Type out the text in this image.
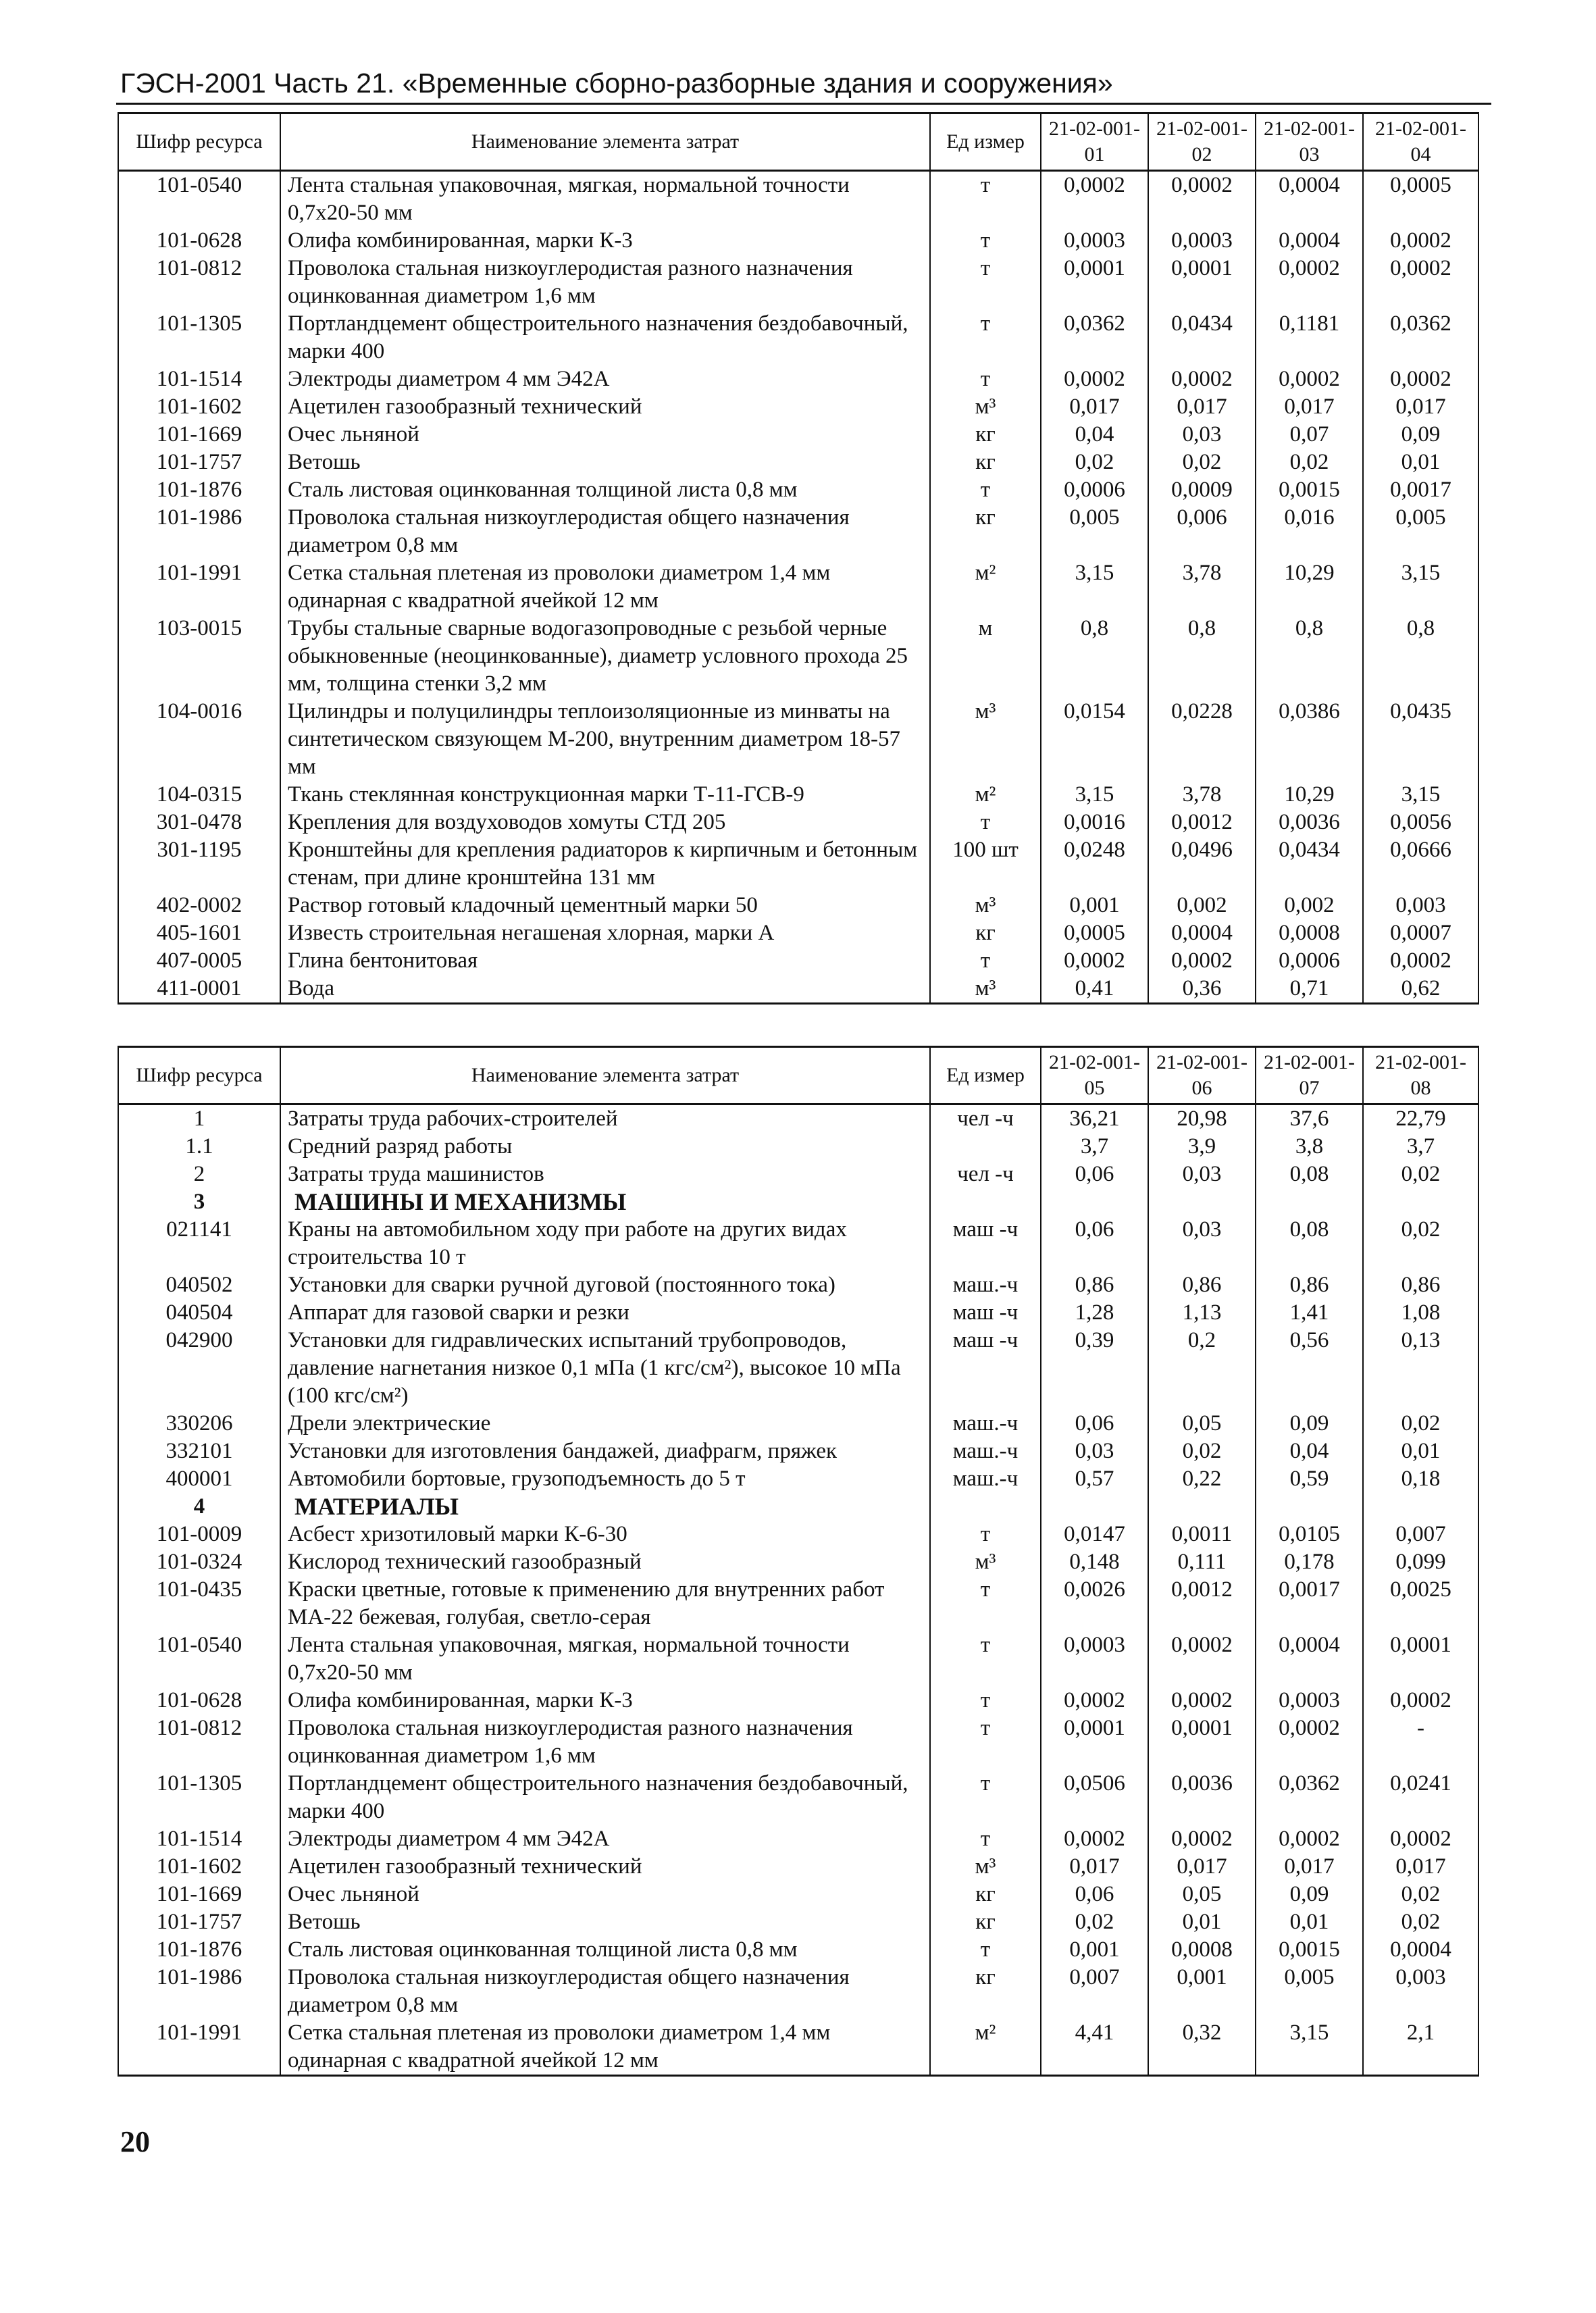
ГЭСН-2001 Часть 21. «Временные сборно-разборные здания и сооружения»
Шифр ресурса	Наименование элемента затрат	Ед измер	21-02-001-01	21-02-001-02	21-02-001-03	21-02-001-04
101-0540	Лента стальная упаковочная, мягкая, нормальной точности 0,7х20-50 мм	т	0,0002	0,0002	0,0004	0,0005
101-0628	Олифа комбинированная, марки К-3	т	0,0003	0,0003	0,0004	0,0002
101-0812	Проволока стальная низкоуглеродистая разного назначения оцинкованная диаметром 1,6 мм	т	0,0001	0,0001	0,0002	0,0002
101-1305	Портландцемент общестроительного назначения бездобавочный, марки 400	т	0,0362	0,0434	0,1181	0,0362
101-1514	Электроды диаметром 4 мм Э42А	т	0,0002	0,0002	0,0002	0,0002
101-1602	Ацетилен газообразный технический	м³	0,017	0,017	0,017	0,017
101-1669	Очес льняной	кг	0,04	0,03	0,07	0,09
101-1757	Ветошь	кг	0,02	0,02	0,02	0,01
101-1876	Сталь листовая оцинкованная толщиной листа 0,8 мм	т	0,0006	0,0009	0,0015	0,0017
101-1986	Проволока стальная низкоуглеродистая общего назначения диаметром 0,8 мм	кг	0,005	0,006	0,016	0,005
101-1991	Сетка стальная плетеная из проволоки диаметром 1,4 мм одинарная с квадратной ячейкой 12 мм	м²	3,15	3,78	10,29	3,15
103-0015	Трубы стальные сварные водогазопроводные с резьбой черные обыкновенные (неоцинкованные), диаметр условного прохода 25 мм, толщина стенки 3,2 мм	м	0,8	0,8	0,8	0,8
104-0016	Цилиндры и полуцилиндры теплоизоляционные из минваты на синтетическом связующем М-200, внутренним диаметром 18-57 мм	м³	0,0154	0,0228	0,0386	0,0435
104-0315	Ткань стеклянная конструкционная марки Т-11-ГСВ-9	м²	3,15	3,78	10,29	3,15
301-0478	Крепления для воздуховодов хомуты СТД 205	т	0,0016	0,0012	0,0036	0,0056
301-1195	Кронштейны для крепления радиаторов к кирпичным и бетонным стенам, при длине кронштейна 131 мм	100 шт	0,0248	0,0496	0,0434	0,0666
402-0002	Раствор готовый кладочный цементный марки 50	м³	0,001	0,002	0,002	0,003
405-1601	Известь строительная негашеная хлорная, марки А	кг	0,0005	0,0004	0,0008	0,0007
407-0005	Глина бентонитовая	т	0,0002	0,0002	0,0006	0,0002
411-0001	Вода	м³	0,41	0,36	0,71	0,62
Шифр ресурса	Наименование элемента затрат	Ед измер	21-02-001-05	21-02-001-06	21-02-001-07	21-02-001-08
1	Затраты труда рабочих-строителей	чел -ч	36,21	20,98	37,6	22,79
1.1	Средний разряд работы		3,7	3,9	3,8	3,7
2	Затраты труда машинистов	чел -ч	0,06	0,03	0,08	0,02
3	МАШИНЫ И МЕХАНИЗМЫ					
021141	Краны на автомобильном ходу при работе на других видах строительства 10 т	маш -ч	0,06	0,03	0,08	0,02
040502	Установки для сварки ручной дуговой (постоянного тока)	маш.-ч	0,86	0,86	0,86	0,86
040504	Аппарат для газовой сварки и резки	маш -ч	1,28	1,13	1,41	1,08
042900	Установки для гидравлических испытаний трубопроводов, давление нагнетания низкое 0,1 мПа (1 кгс/см²), высокое 10 мПа (100 кгс/см²)	маш -ч	0,39	0,2	0,56	0,13
330206	Дрели электрические	маш.-ч	0,06	0,05	0,09	0,02
332101	Установки для изготовления бандажей, диафрагм, пряжек	маш.-ч	0,03	0,02	0,04	0,01
400001	Автомобили бортовые, грузоподъемность до 5 т	маш.-ч	0,57	0,22	0,59	0,18
4	МАТЕРИАЛЫ					
101-0009	Асбест хризотиловый марки К-6-30	т	0,0147	0,0011	0,0105	0,007
101-0324	Кислород технический газообразный	м³	0,148	0,111	0,178	0,099
101-0435	Краски цветные, готовые к применению для внутренних работ МА-22 бежевая, голубая, светло-серая	т	0,0026	0,0012	0,0017	0,0025
101-0540	Лента стальная упаковочная, мягкая, нормальной точности 0,7х20-50 мм	т	0,0003	0,0002	0,0004	0,0001
101-0628	Олифа комбинированная, марки К-3	т	0,0002	0,0002	0,0003	0,0002
101-0812	Проволока стальная низкоуглеродистая разного назначения оцинкованная диаметром 1,6 мм	т	0,0001	0,0001	0,0002	-
101-1305	Портландцемент общестроительного назначения бездобавочный, марки 400	т	0,0506	0,0036	0,0362	0,0241
101-1514	Электроды диаметром 4 мм Э42А	т	0,0002	0,0002	0,0002	0,0002
101-1602	Ацетилен газообразный технический	м³	0,017	0,017	0,017	0,017
101-1669	Очес льняной	кг	0,06	0,05	0,09	0,02
101-1757	Ветошь	кг	0,02	0,01	0,01	0,02
101-1876	Сталь листовая оцинкованная толщиной листа 0,8 мм	т	0,001	0,0008	0,0015	0,0004
101-1986	Проволока стальная низкоуглеродистая общего назначения диаметром 0,8 мм	кг	0,007	0,001	0,005	0,003
101-1991	Сетка стальная плетеная из проволоки диаметром 1,4 мм одинарная с квадратной ячейкой 12 мм	м²	4,41	0,32	3,15	2,1
20
